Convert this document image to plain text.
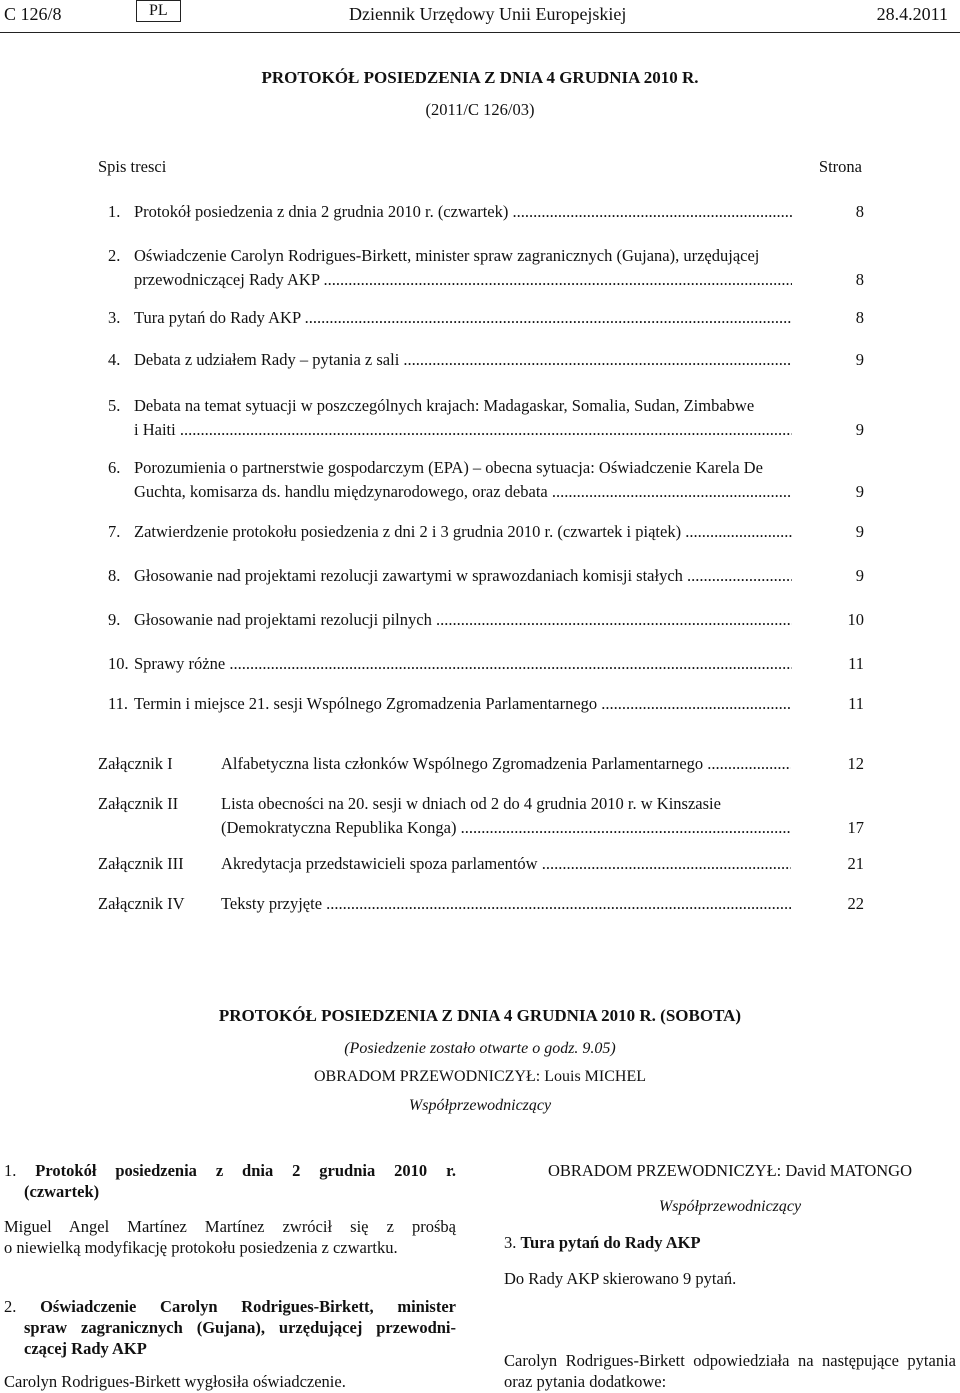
C 126/8	PL	Dziennik Urzędowy Unii Europejskiej	28.4.2011
PROTOKÓŁ POSIEDZENIA Z DNIA 4 GRUDNIA 2010 R.
(2011/C 126/03)
Spis tresci	Strona
1. Protokół posiedzenia z dnia 2 grudnia 2010 r. (czwartek) .....	8
2. Oświadczenie Carolyn Rodrigues-Birkett, minister spraw zagranicznych (Gujana), urzędującej
przewodniczącej Rady AKP .....	8
3. Tura pytań do Rady AKP .....	8
4. Debata z udziałem Rady – pytania z sali .....	9
5. Debata na temat sytuacji w poszczególnych krajach: Madagaskar, Somalia, Sudan, Zimbabwe
i Haiti .....	9
6. Porozumienia o partnerstwie gospodarczym (EPA) – obecna sytuacja: Oświadczenie Karela De
Guchta, komisarza ds. handlu międzynarodowego, oraz debata .....	9
7. Zatwierdzenie protokołu posiedzenia z dni 2 i 3 grudnia 2010 r. (czwartek i piątek) .....	9
8. Głosowanie nad projektami rezolucji zawartymi w sprawozdaniach komisji stałych .....	9
9. Głosowanie nad projektami rezolucji pilnych .....	10
10. Sprawy różne .....	11
11. Termin i miejsce 21. sesji Wspólnego Zgromadzenia Parlamentarnego .....	11
Załącznik I	Alfabetyczna lista członków Wspólnego Zgromadzenia Parlamentarnego .....	12
Załącznik II	Lista obecności na 20. sesji w dniach od 2 do 4 grudnia 2010 r. w Kinszasie
(Demokratyczna Republika Konga) .....	17
Załącznik III Akredytacja przedstawicieli spoza parlamentów .....	21
Załącznik IV Teksty przyjęte .....	22
PROTOKÓŁ POSIEDZENIA Z DNIA 4 GRUDNIA 2010 R. (SOBOTA)
(Posiedzenie zostało otwarte o godz. 9.05)
OBRADOM PRZEWODNICZYŁ: Louis MICHEL
Współprzewodniczący
1. Protokół posiedzenia z dnia 2 grudnia 2010 r.
(czwartek)
Miguel Angel Martínez Martínez zwrócił się z prośbą
o niewielką modyfikację protokołu posiedzenia z czwartku.
2. Oświadczenie Carolyn Rodrigues-Birkett, minister
spraw zagranicznych (Gujana), urzędującej przewodni-
czącej Rady AKP
Carolyn Rodrigues-Birkett wygłosiła oświadczenie.
OBRADOM PRZEWODNICZYŁ: David MATONGO
Współprzewodniczący
3. Tura pytań do Rady AKP
Do Rady AKP skierowano 9 pytań.
Carolyn Rodrigues-Birkett odpowiedziała na następujące pytania
oraz pytania dodatkowe:
